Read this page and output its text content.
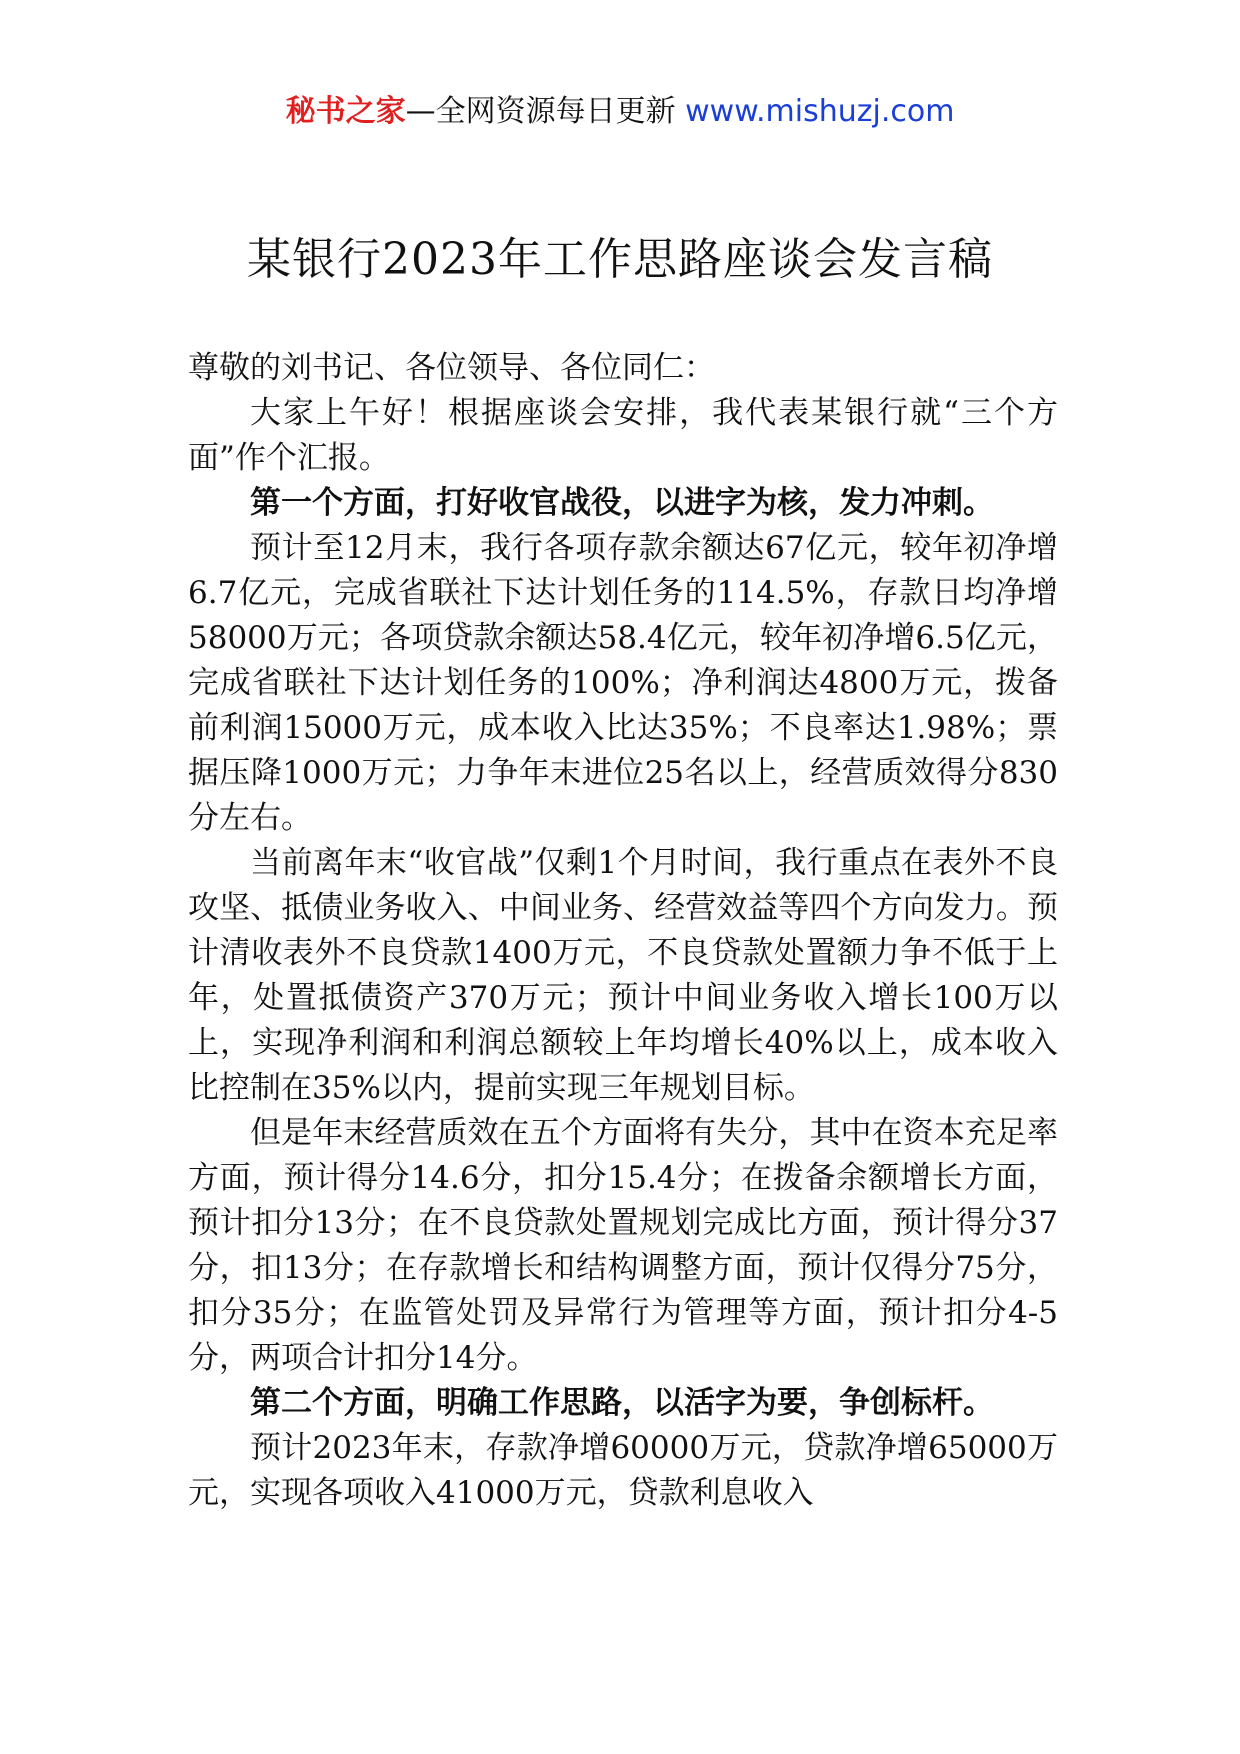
秘书之家—全网资源每日更新 www.mishuzj.com
某银行2023年工作思路座谈会发言稿

尊敬的刘书记、各位领导、各位同仁：

大家上午好！根据座谈会安排，我代表某银行就“三个方面”作个汇报。

第一个方面，打好收官战役，以进字为核，发力冲刺。

预计至12月末，我行各项存款余额达67亿元，较年初净增6.7亿元，完成省联社下达计划任务的114.5%，存款日均净增58000万元；各项贷款余额达58.4亿元，较年初净增6.5亿元，完成省联社下达计划任务的100%；净利润达4800万元，拨备前利润15000万元，成本收入比达35%；不良率达1.98%；票据压降1000万元；力争年末进位25名以上，经营质效得分830分左右。

当前离年末“收官战”仅剩1个月时间，我行重点在表外不良攻坚、抵债业务收入、中间业务、经营效益等四个方向发力。预计清收表外不良贷款1400万元，不良贷款处置额力争不低于上年，处置抵债资产370万元；预计中间业务收入增长100万以上，实现净利润和利润总额较上年均增长40%以上，成本收入比控制在35%以内，提前实现三年规划目标。

但是年末经营质效在五个方面将有失分，其中在资本充足率方面，预计得分14.6分，扣分15.4分；在拨备余额增长方面，预计扣分13分；在不良贷款处置规划完成比方面，预计得分37分，扣13分；在存款增长和结构调整方面，预计仅得分75分，扣分35分；在监管处罚及异常行为管理等方面，预计扣分4-5分，两项合计扣分14分。

第二个方面，明确工作思路，以活字为要，争创标杆。

预计2023年末，存款净增60000万元，贷款净增65000万元，实现各项收入41000万元，贷款利息收入
